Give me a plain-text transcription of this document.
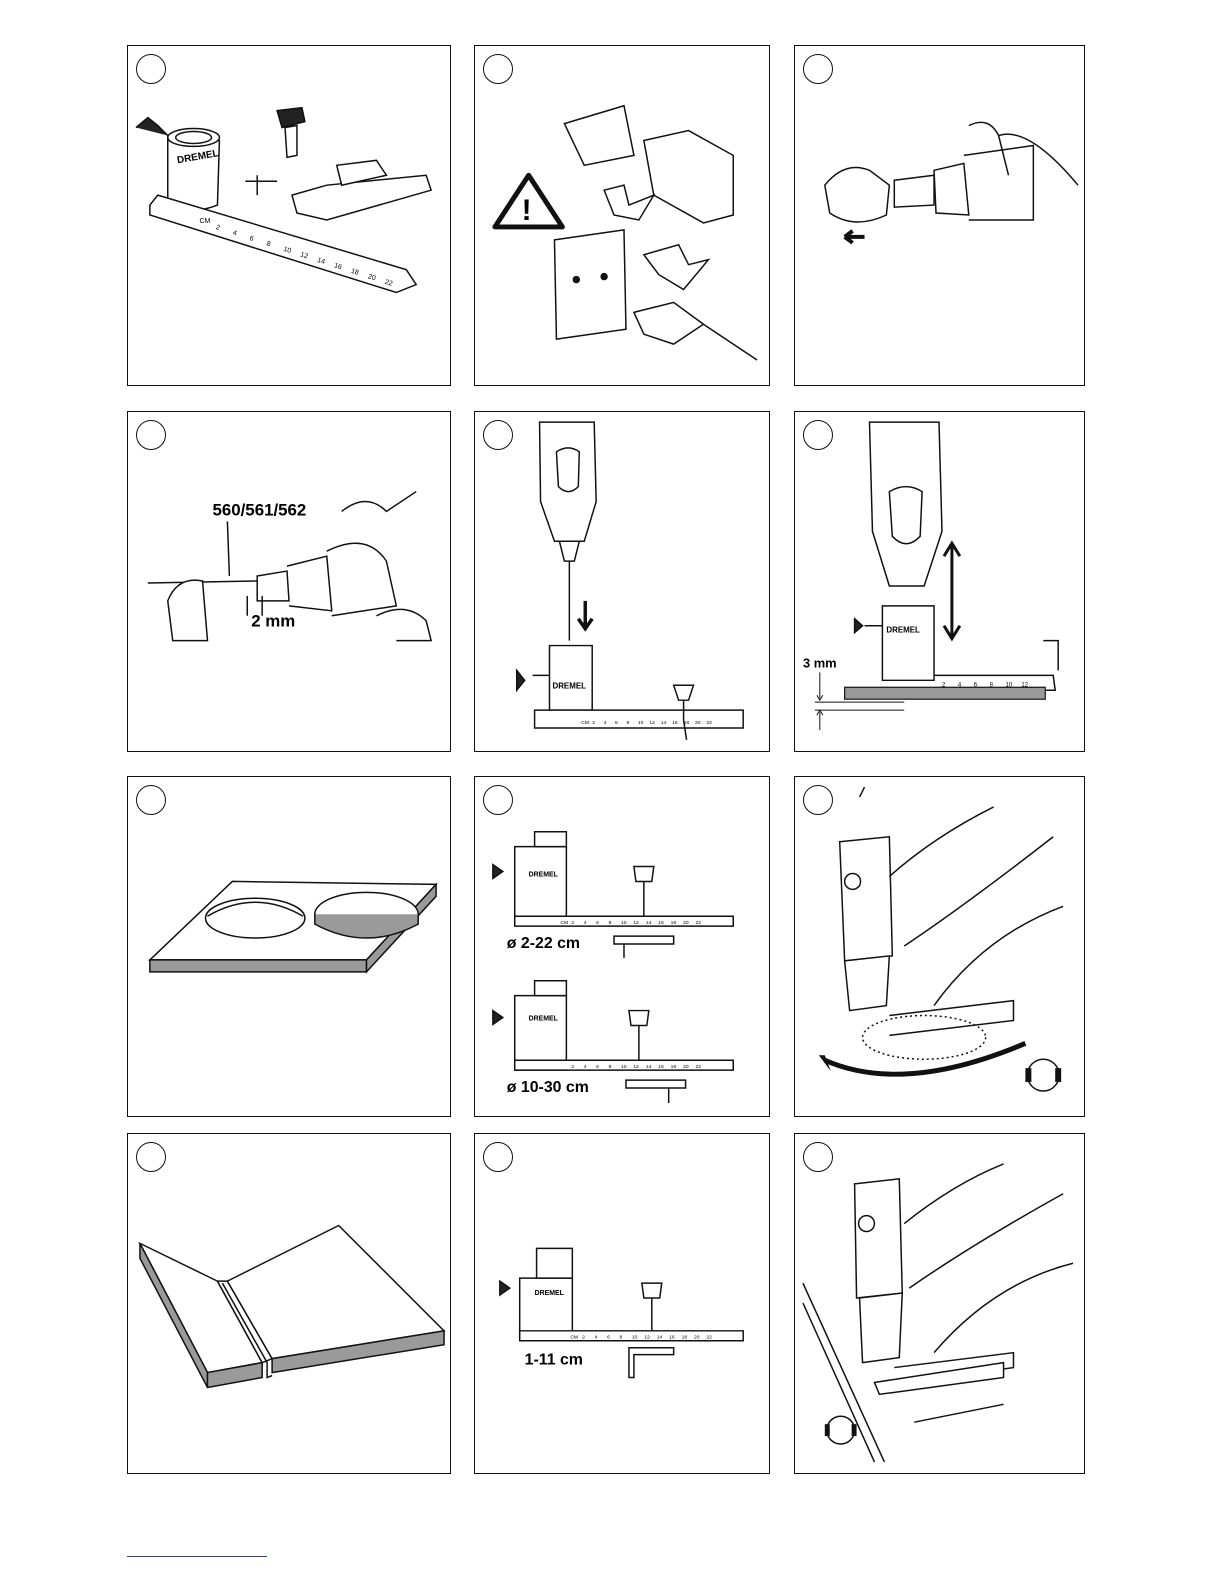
DREMEL
CM
2
4
6
8
10
12
14
16
18
20
22
!
560/561/562
2 mm
DREMEL
CM 2 4 6 8 10 12 14 16 18 20 22
3 mm
DREMEL
2 4 6 8 10 12
DREMEL
DREMEL
CM 2 4 6 8 10 12 14 16 18 20 22
2 4 6 8 10 12 14 16 18 20 22
ø 2-22 cm
ø 10-30 cm
DREMEL
CM 2 4 6 8 10 12 14 16 18 20 22
1-11 cm
